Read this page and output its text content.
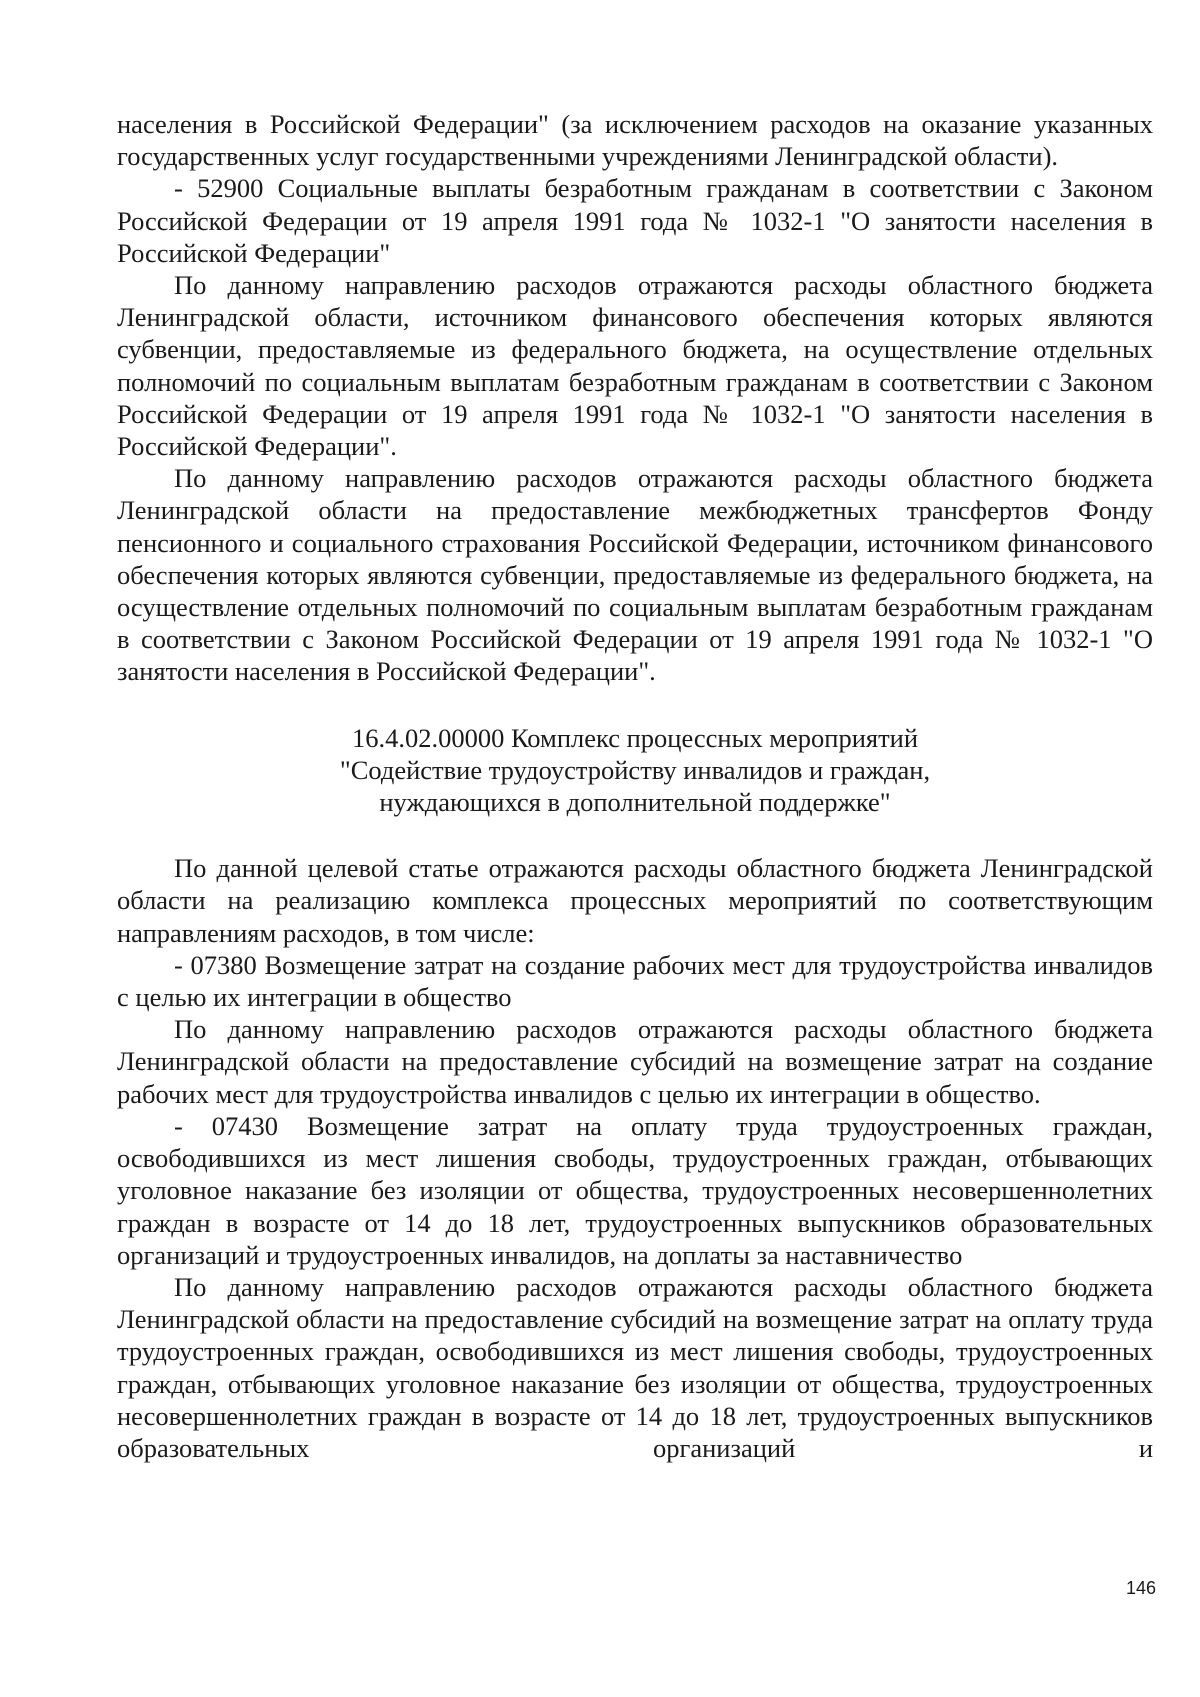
населения в Российской Федерации" (за исключением расходов на оказание указанных государственных услуг государственными учреждениями Ленинградской области).

- 52900 Социальные выплаты безработным гражданам в соответствии с Законом Российской Федерации от 19 апреля 1991 года № 1032-1 "О занятости населения в Российской Федерации"

По данному направлению расходов отражаются расходы областного бюджета Ленинградской области, источником финансового обеспечения которых являются субвенции, предоставляемые из федерального бюджета, на осуществление отдельных полномочий по социальным выплатам безработным гражданам в соответствии с Законом Российской Федерации от 19 апреля 1991 года № 1032-1 "О занятости населения в Российской Федерации".

По данному направлению расходов отражаются расходы областного бюджета Ленинградской области на предоставление межбюджетных трансфертов Фонду пенсионного и социального страхования Российской Федерации, источником финансового обеспечения которых являются субвенции, предоставляемые из федерального бюджета, на осуществление отдельных полномочий по социальным выплатам безработным гражданам в соответствии с Законом Российской Федерации от 19 апреля 1991 года № 1032-1 "О занятости населения в Российской Федерации".

16.4.02.00000 Комплекс процессных мероприятий

"Содействие трудоустройству инвалидов и граждан,

нуждающихся в дополнительной поддержке"

По данной целевой статье отражаются расходы областного бюджета Ленинградской области на реализацию комплекса процессных мероприятий по соответствующим направлениям расходов, в том числе:

- 07380 Возмещение затрат на создание рабочих мест для трудоустройства инвалидов с целью их интеграции в общество

По данному направлению расходов отражаются расходы областного бюджета Ленинградской области на предоставление субсидий на возмещение затрат на создание рабочих мест для трудоустройства инвалидов с целью их интеграции в общество.

- 07430 Возмещение затрат на оплату труда трудоустроенных граждан, освободившихся из мест лишения свободы, трудоустроенных граждан, отбывающих уголовное наказание без изоляции от общества, трудоустроенных несовершеннолетних граждан в возрасте от 14 до 18 лет, трудоустроенных выпускников образовательных организаций и трудоустроенных инвалидов, на доплаты за наставничество

По данному направлению расходов отражаются расходы областного бюджета Ленинградской области на предоставление субсидий на возмещение затрат на оплату труда трудоустроенных граждан, освободившихся из мест лишения свободы, трудоустроенных граждан, отбывающих уголовное наказание без изоляции от общества, трудоустроенных несовершеннолетних граждан в возрасте от 14 до 18 лет, трудоустроенных выпускников образовательных организаций и

146
